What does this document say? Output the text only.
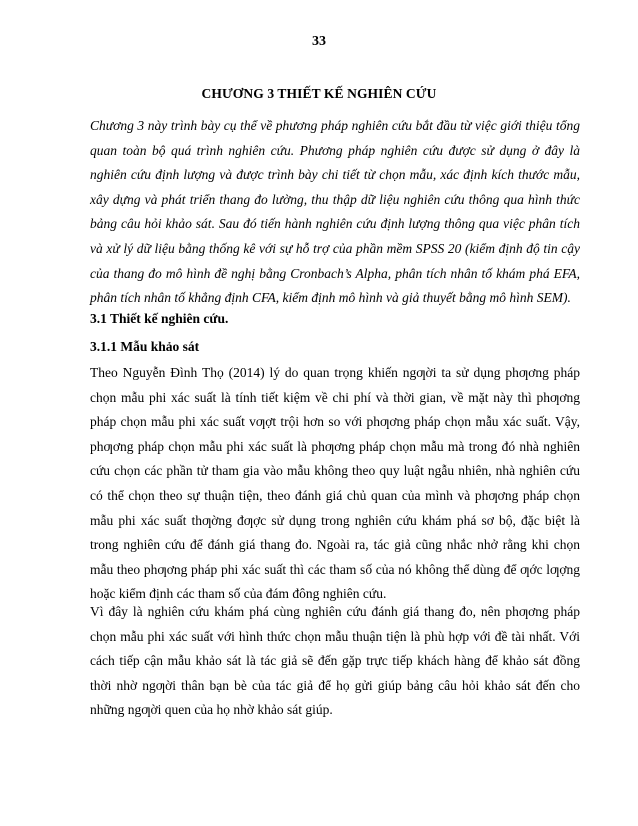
33
CHƯƠNG 3 THIẾT KẾ NGHIÊN CỨU

Chương 3 này trình bày cụ thể về phương pháp nghiên cứu bắt đầu từ việc giới thiệu tổng quan toàn bộ quá trình nghiên cứu. Phương pháp nghiên cứu được sử dụng ở đây là nghiên cứu định lượng và được trình bày chi tiết từ chọn mẫu, xác định kích thước mẫu, xây dựng và phát triển thang đo lường, thu thập dữ liệu nghiên cứu thông qua hình thức bảng câu hỏi khảo sát. Sau đó tiến hành nghiên cứu định lượng thông qua việc phân tích và xử lý dữ liệu bằng thống kê với sự hỗ trợ của phần mềm SPSS 20 (kiểm định độ tin cậy của thang đo mô hình đề nghị bằng Cronbach’s Alpha, phân tích nhân tố khám phá EFA, phân tích nhân tố khẳng định CFA, kiểm định mô hình và giả thuyết bằng mô hình SEM).

3.1 Thiết kế nghiên cứu.
3.1.1 Mẫu khảo sát

Theo Nguyễn Đình Thọ (2014) lý do quan trọng khiến ngƣời ta sử dụng phƣơng pháp chọn mẫu phi xác suất là tính tiết kiệm về chi phí và thời gian, về mặt này thì phƣơng pháp chọn mẫu phi xác suất vƣợt trội hơn so với phƣơng pháp chọn mẫu xác suất. Vậy, phƣơng pháp chọn mẫu phi xác suất là phƣơng pháp chọn mẫu mà trong đó nhà nghiên cứu chọn các phần tử tham gia vào mẫu không theo quy luật ngẫu nhiên, nhà nghiên cứu có thể chọn theo sự thuận tiện, theo đánh giá chủ quan của mình và phƣơng pháp chọn mẫu phi xác suất thƣờng đƣợc sử dụng trong nghiên cứu khám phá sơ bộ, đặc biệt là trong nghiên cứu để đánh giá thang đo. Ngoài ra, tác giả cũng nhắc nhở rằng khi chọn mẫu theo phƣơng pháp phi xác suất thì các tham số của nó không thể dùng để ƣớc lƣợng hoặc kiểm định các tham số của đám đông nghiên cứu.

Vì đây là nghiên cứu khám phá cùng nghiên cứu đánh giá thang đo, nên phƣơng pháp chọn mẫu phi xác suất với hình thức chọn mẫu thuận tiện là phù hợp với đề tài nhất. Với cách tiếp cận mẫu khảo sát là tác giả sẽ đến gặp trực tiếp khách hàng để khảo sát đồng thời nhờ ngƣời thân bạn bè của tác giả để họ gửi giúp bảng câu hỏi khảo sát đến cho những ngƣời quen của họ nhờ khảo sát giúp.
